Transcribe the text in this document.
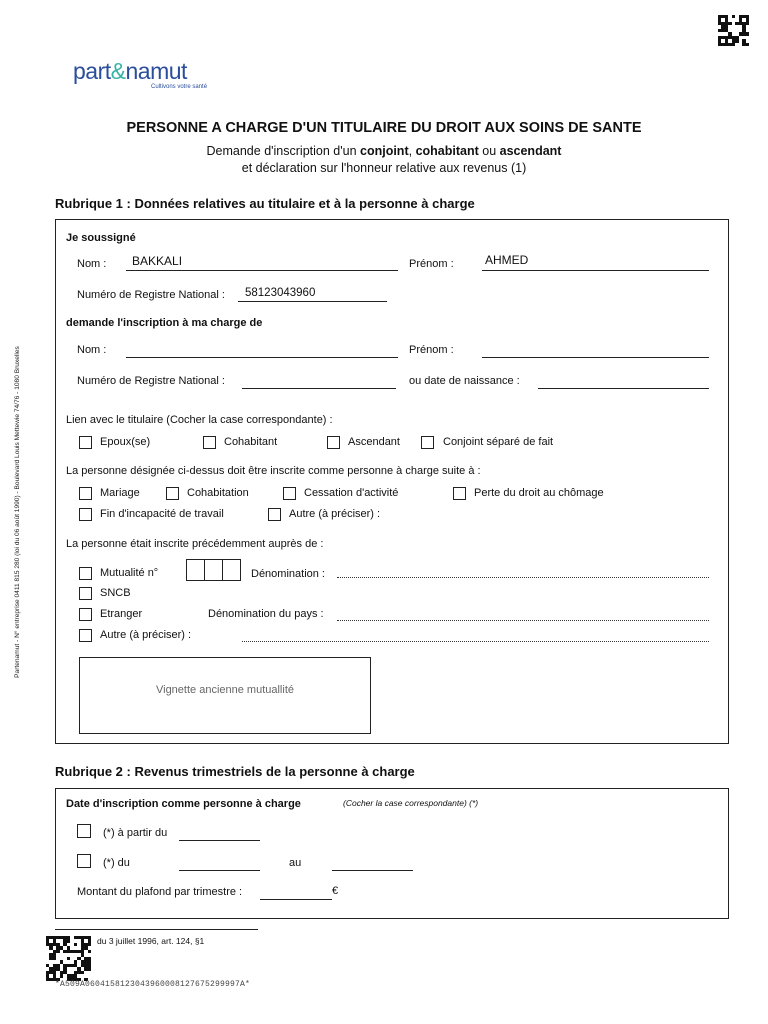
part&namut
Cultivons votre santé
Partenamut - N° entreprise 0411 815 280 (loi du 06 août 1990) - Boulevard Louis Mettewie 74/76 - 1080 Bruxelles
PERSONNE A CHARGE D'UN TITULAIRE DU DROIT AUX SOINS DE SANTE
Demande d'inscription d'un conjoint, cohabitant ou ascendant
et déclaration sur l'honneur relative aux revenus (1)
Rubrique 1 : Données relatives au titulaire et à la personne à charge
Je soussigné
Nom : BAKKALI	Prénom :	AHMED
Numéro de Registre National : 58123043960
demande l'inscription à ma charge de
Nom :	Prénom :
Numéro de Registre National :	ou date de naissance :
Lien avec le titulaire (Cocher la case correspondante) :
Epoux(se)	Cohabitant	Ascendant	Conjoint séparé de fait
La personne désignée ci-dessus doit être inscrite comme personne à charge suite à :
Mariage	Cohabitation	Cessation d'activité	Perte du droit au chômage
Fin d'incapacité de travail	Autre (à préciser) :
La personne était inscrite précédemment auprès de :
Mutualité n°	Dénomination :
SNCB
Etranger	Dénomination du pays :
Autre (à préciser) :
Vignette ancienne mutuallité
Rubrique 2 : Revenus trimestriels de la personne à charge
Date d'inscription comme personne à charge	(Cocher la case correspondante) (*)
(*) à partir du
(*) du	au
Montant du plafond par trimestre :	€
du 3 juillet 1996, art. 124, §1
*A509A0604158123043960008127675299997A*
